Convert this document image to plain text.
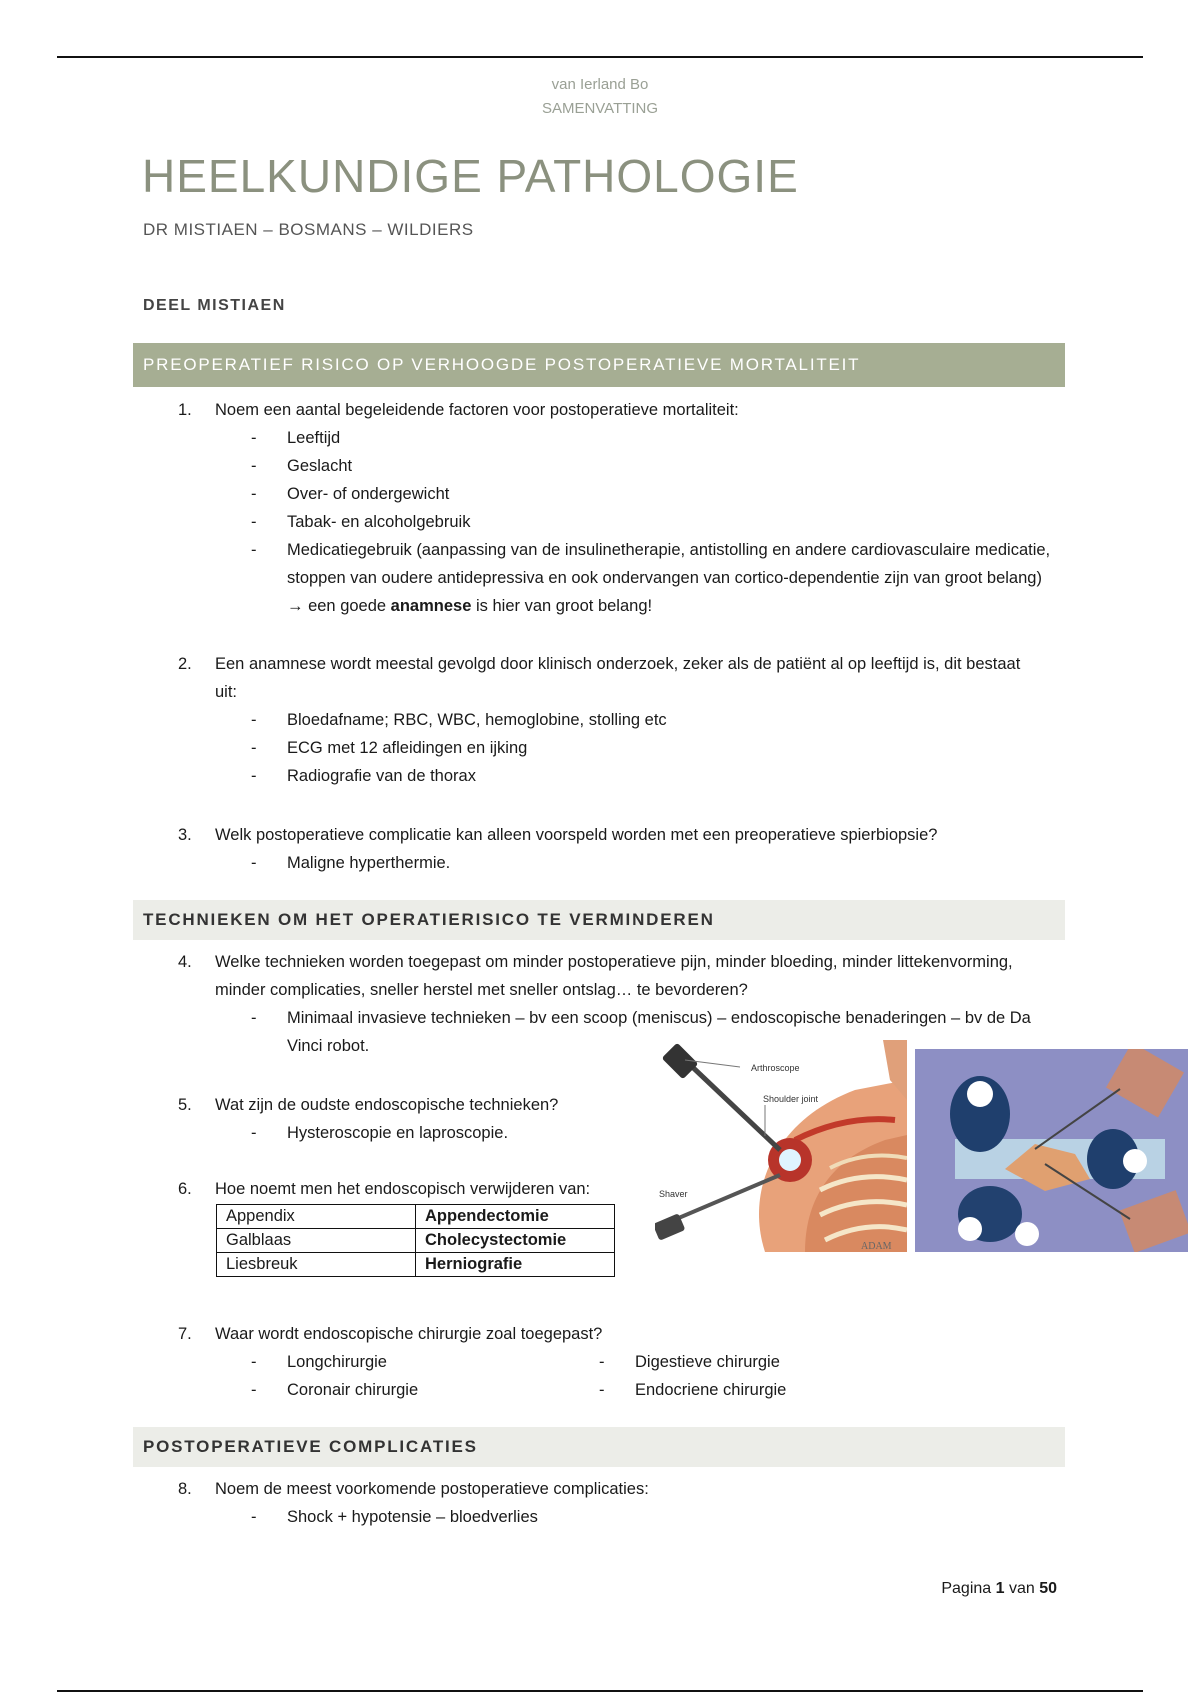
van Ierland Bo
SAMENVATTING
HEELKUNDIGE PATHOLOGIE
DR MISTIAEN – BOSMANS – WILDIERS
DEEL MISTIAEN
PREOPERATIEF RISICO OP VERHOOGDE POSTOPERATIEVE MORTALITEIT
1.	Noem een aantal begeleidende factoren voor postoperatieve mortaliteit:
- Leeftijd
- Geslacht
- Over- of ondergewicht
- Tabak- en alcoholgebruik
- Medicatiegebruik (aanpassing van de insulinetherapie, antistolling en andere cardiovasculaire medicatie, stoppen van oudere antidepressiva en ook ondervangen van cortico-dependentie zijn van groot belang) → een goede anamnese is hier van groot belang!
2.	Een anamnese wordt meestal gevolgd door klinisch onderzoek, zeker als de patiënt al op leeftijd is, dit bestaat uit:
- Bloedafname; RBC, WBC, hemoglobine, stolling etc
- ECG met 12 afleidingen en ijking
- Radiografie van de thorax
3.	Welk postoperatieve complicatie kan alleen voorspeld worden met een preoperatieve spierbiopsie?
- Maligne hyperthermie.
TECHNIEKEN OM HET OPERATIERISICO TE VERMINDEREN
4.	Welke technieken worden toegepast om minder postoperatieve pijn, minder bloeding, minder littekenvorming, minder complicaties, sneller herstel met sneller ontslag… te bevorderen?
- Minimaal invasieve technieken – bv een scoop (meniscus) – endoscopische benaderingen – bv de Da Vinci robot.
5.	Wat zijn de oudste endoscopische technieken?
- Hysteroscopie en laproscopie.
6.	Hoe noemt men het endoscopisch verwijderen van:
Appendix	Appendectomie
Galblaas	Cholecystectomie
Liesbreuk	Herniografie
Arthroscope
Shoulder joint
Shaver
ADAM
7.	Waar wordt endoscopische chirurgie zoal toegepast?
- Longchirurgie
- Coronair chirurgie
- Digestieve chirurgie
- Endocriene chirurgie
POSTOPERATIEVE COMPLICATIES
8.	Noem de meest voorkomende postoperatieve complicaties:
- Shock + hypotensie – bloedverlies
Pagina 1 van 50
